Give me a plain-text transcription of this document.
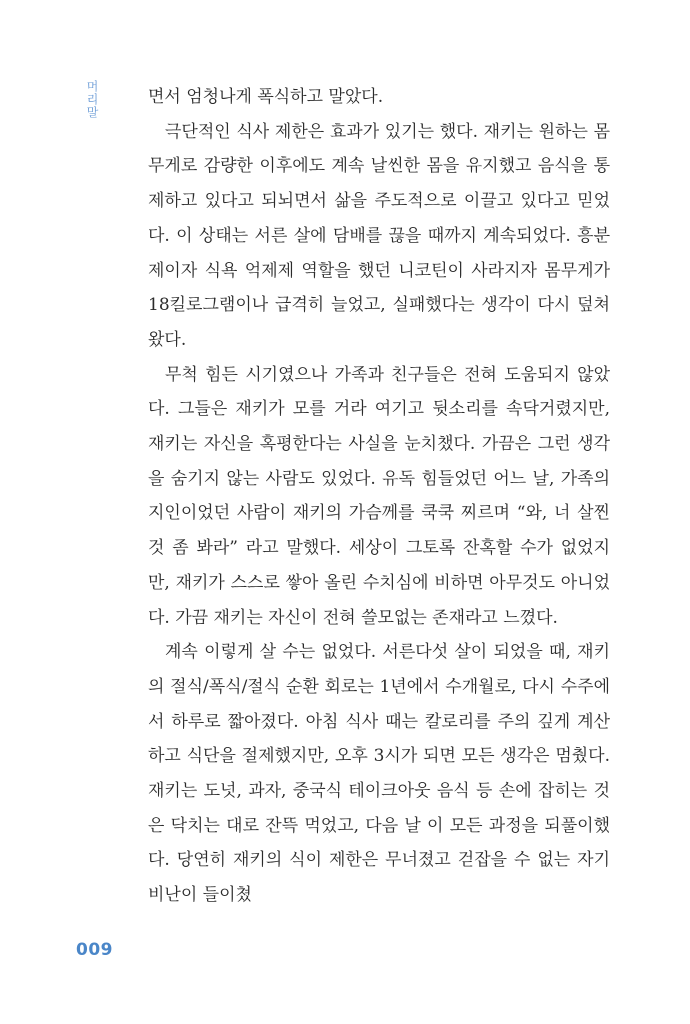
머리말	면서 엄청나게 폭식하고 말았다.

극단적인 식사 제한은 효과가 있기는 했다. 재키는 원하는 몸무게로 감량한 이후에도 계속 날씬한 몸을 유지했고 음식을 통제하고 있다고 되뇌면서 삶을 주도적으로 이끌고 있다고 믿었다. 이 상태는 서른 살에 담배를 끊을 때까지 계속되었다. 흥분제이자 식욕 억제제 역할을 했던 니코틴이 사라지자 몸무게가 18킬로그램이나 급격히 늘었고, 실패했다는 생각이 다시 덮쳐왔다.

무척 힘든 시기였으나 가족과 친구들은 전혀 도움되지 않았다. 그들은 재키가 모를 거라 여기고 뒷소리를 속닥거렸지만, 재키는 자신을 혹평한다는 사실을 눈치챘다. 가끔은 그런 생각을 숨기지 않는 사람도 있었다. 유독 힘들었던 어느 날, 가족의 지인이었던 사람이 재키의 가슴께를 쿡쿡 찌르며 “와, 너 살찐 것 좀 봐라” 라고 말했다. 세상이 그토록 잔혹할 수가 없었지만, 재키가 스스로 쌓아 올린 수치심에 비하면 아무것도 아니었다. 가끔 재키는 자신이 전혀 쓸모없는 존재라고 느꼈다.

계속 이렇게 살 수는 없었다. 서른다섯 살이 되었을 때, 재키의 절식/폭식/절식 순환 회로는 1년에서 수개월로, 다시 수주에서 하루로 짧아졌다. 아침 식사 때는 칼로리를 주의 깊게 계산하고 식단을 절제했지만, 오후 3시가 되면 모든 생각은 멈췄다. 재키는 도넛, 과자, 중국식 테이크아웃 음식 등 손에 잡히는 것은 닥치는 대로 잔뜩 먹었고, 다음 날 이 모든 과정을 되풀이했다. 당연히 재키의 식이 제한은 무너졌고 걷잡을 수 없는 자기 비난이 들이쳤

009
